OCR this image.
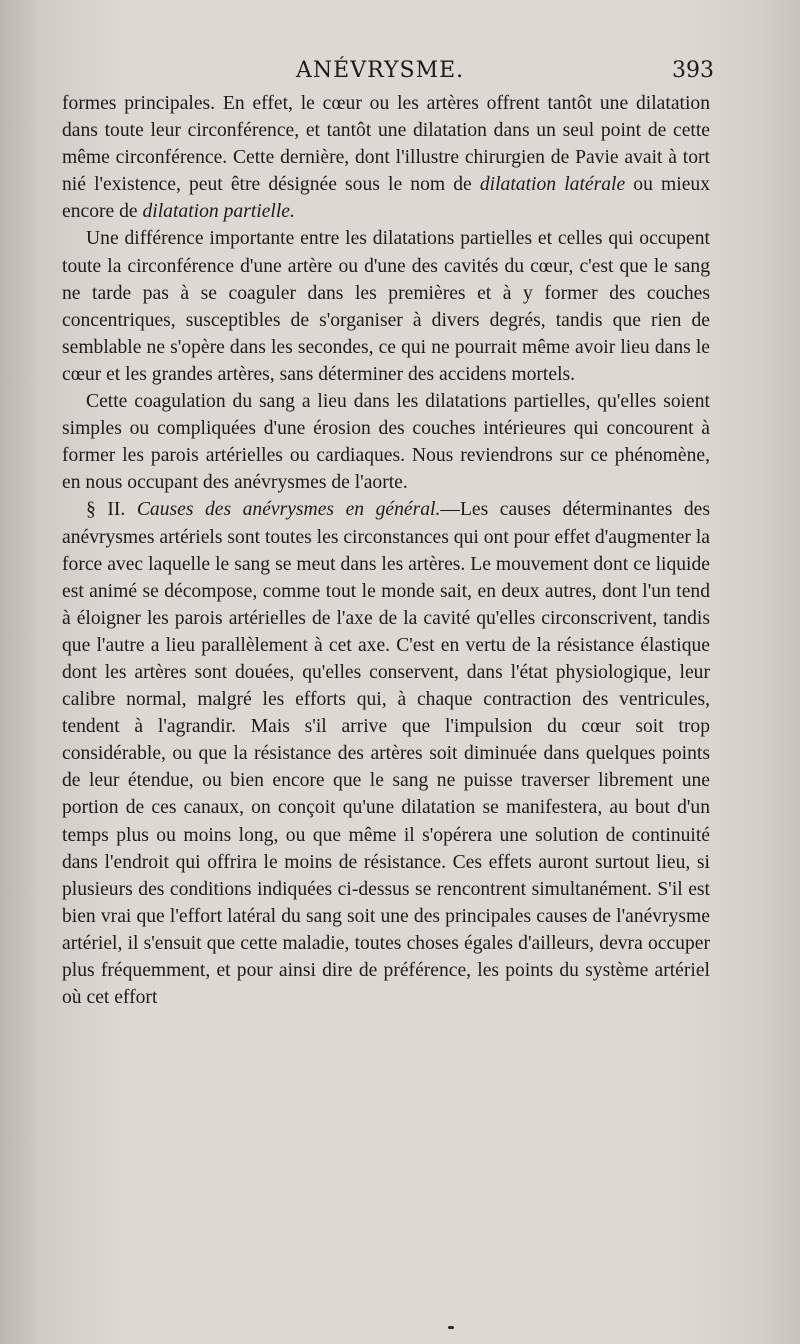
ANÉVRYSME.	393

formes principales. En effet, le cœur ou les artères offrent tantôt une dilatation dans toute leur circonférence, et tantôt une dilatation dans un seul point de cette même circonférence. Cette dernière, dont l'illustre chirurgien de Pavie avait à tort nié l'existence, peut être désignée sous le nom de dilatation latérale ou mieux encore de dilatation partielle.

Une différence importante entre les dilatations partielles et celles qui occupent toute la circonférence d'une artère ou d'une des cavités du cœur, c'est que le sang ne tarde pas à se coaguler dans les premières et à y former des couches concentriques, susceptibles de s'organiser à divers degrés, tandis que rien de semblable ne s'opère dans les secondes, ce qui ne pourrait même avoir lieu dans le cœur et les grandes artères, sans déterminer des accidens mortels.

Cette coagulation du sang a lieu dans les dilatations partielles, qu'elles soient simples ou compliquées d'une érosion des couches intérieures qui concourent à former les parois artérielles ou cardiaques. Nous reviendrons sur ce phénomène, en nous occupant des anévrysmes de l'aorte.

§ II. Causes des anévrysmes en général.—Les causes déterminantes des anévrysmes artériels sont toutes les circonstances qui ont pour effet d'augmenter la force avec laquelle le sang se meut dans les artères. Le mouvement dont ce liquide est animé se décompose, comme tout le monde sait, en deux autres, dont l'un tend à éloigner les parois artérielles de l'axe de la cavité qu'elles circonscrivent, tandis que l'autre a lieu parallèlement à cet axe. C'est en vertu de la résistance élastique dont les artères sont douées, qu'elles conservent, dans l'état physiologique, leur calibre normal, malgré les efforts qui, à chaque contraction des ventricules, tendent à l'agrandir. Mais s'il arrive que l'impulsion du cœur soit trop considérable, ou que la résistance des artères soit diminuée dans quelques points de leur étendue, ou bien encore que le sang ne puisse traverser librement une portion de ces canaux, on conçoit qu'une dilatation se manifestera, au bout d'un temps plus ou moins long, ou que même il s'opérera une solution de continuité dans l'endroit qui offrira le moins de résistance. Ces effets auront surtout lieu, si plusieurs des conditions indiquées ci-dessus se rencontrent simultanément. S'il est bien vrai que l'effort latéral du sang soit une des principales causes de l'anévrysme artériel, il s'ensuit que cette maladie, toutes choses égales d'ailleurs, devra occuper plus fréquemment, et pour ainsi dire de préférence, les points du système artériel où cet effort
